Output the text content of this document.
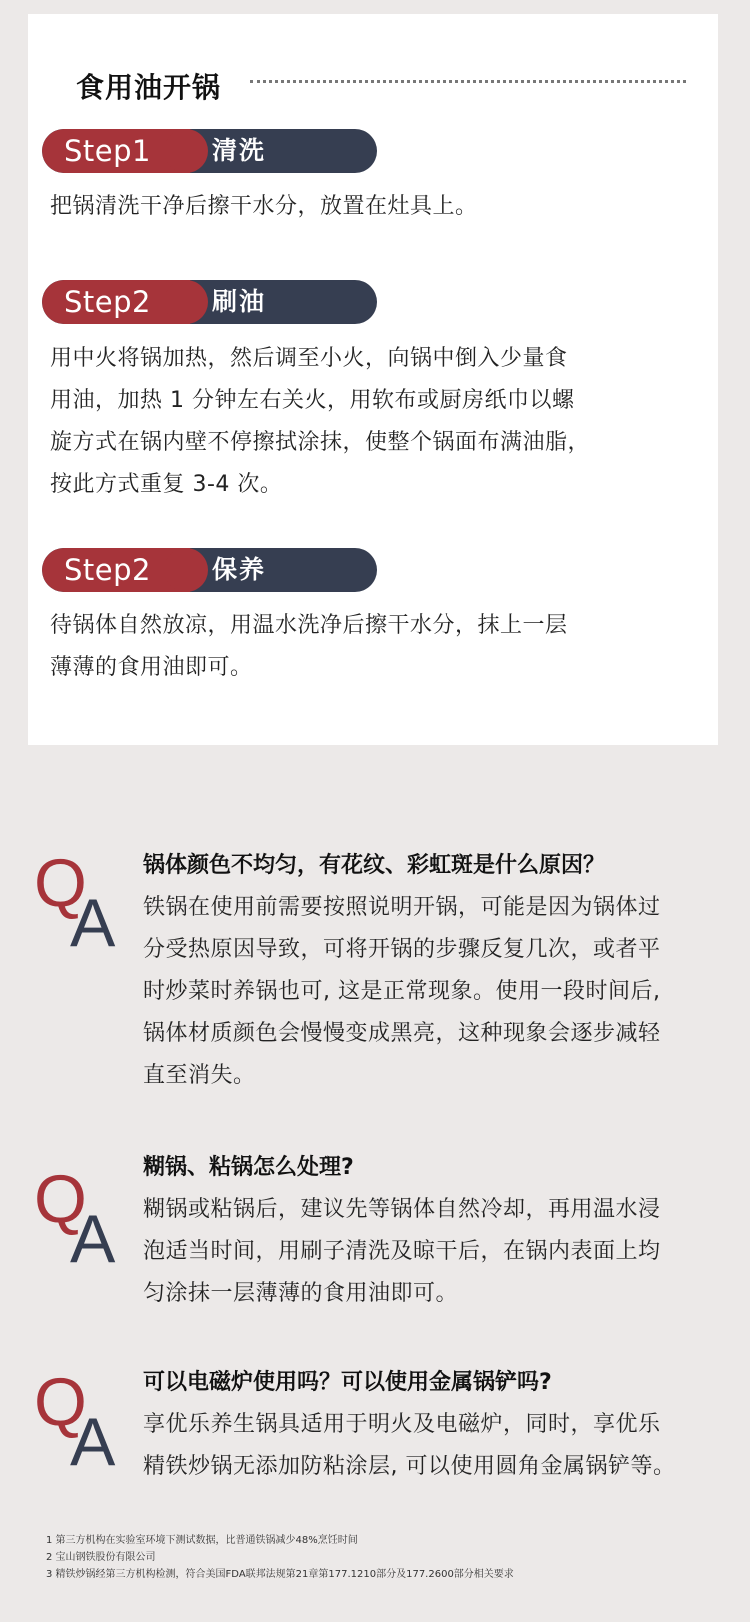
食用油开锅
Step1 清洗

把锅清洗干净后擦干水分，放置在灶具上。

Step2 刷油

用中火将锅加热，然后调至小火，向锅中倒入少量食

用油，加热 1 分钟左右关火，用软布或厨房纸巾以螺

旋方式在锅内壁不停擦拭涂抹，使整个锅面布满油脂，

按此方式重复 3-4 次。

Step2 保养

待锅体自然放凉，用温水洗净后擦干水分，抹上一层

薄薄的食用油即可。

Q
A

锅体颜色不均匀，有花纹、彩虹斑是什么原因？

铁锅在使用前需要按照说明开锅，可能是因为锅体过

分受热原因导致，可将开锅的步骤反复几次，或者平

时炒菜时养锅也可, 这是正常现象。使用一段时间后,

锅体材质颜色会慢慢变成黑亮，这种现象会逐步减轻

直至消失。

Q
A

糊锅、粘锅怎么处理?

糊锅或粘锅后，建议先等锅体自然冷却，再用温水浸

泡适当时间，用刷子清洗及晾干后，在锅内表面上均

匀涂抹一层薄薄的食用油即可。

Q
A

可以电磁炉使用吗？可以使用金属锅铲吗?

享优乐养生锅具适用于明火及电磁炉，同时，享优乐

精铁炒锅无添加防粘涂层, 可以使用圆角金属锅铲等。

1 第三方机构在实验室环境下测试数据，比普通铁锅减少48%烹饪时间

2 宝山钢铁股份有限公司

3 精铁炒锅经第三方机构检测，符合美国FDA联邦法规第21章第177.1210部分及177.2600部分相关要求
